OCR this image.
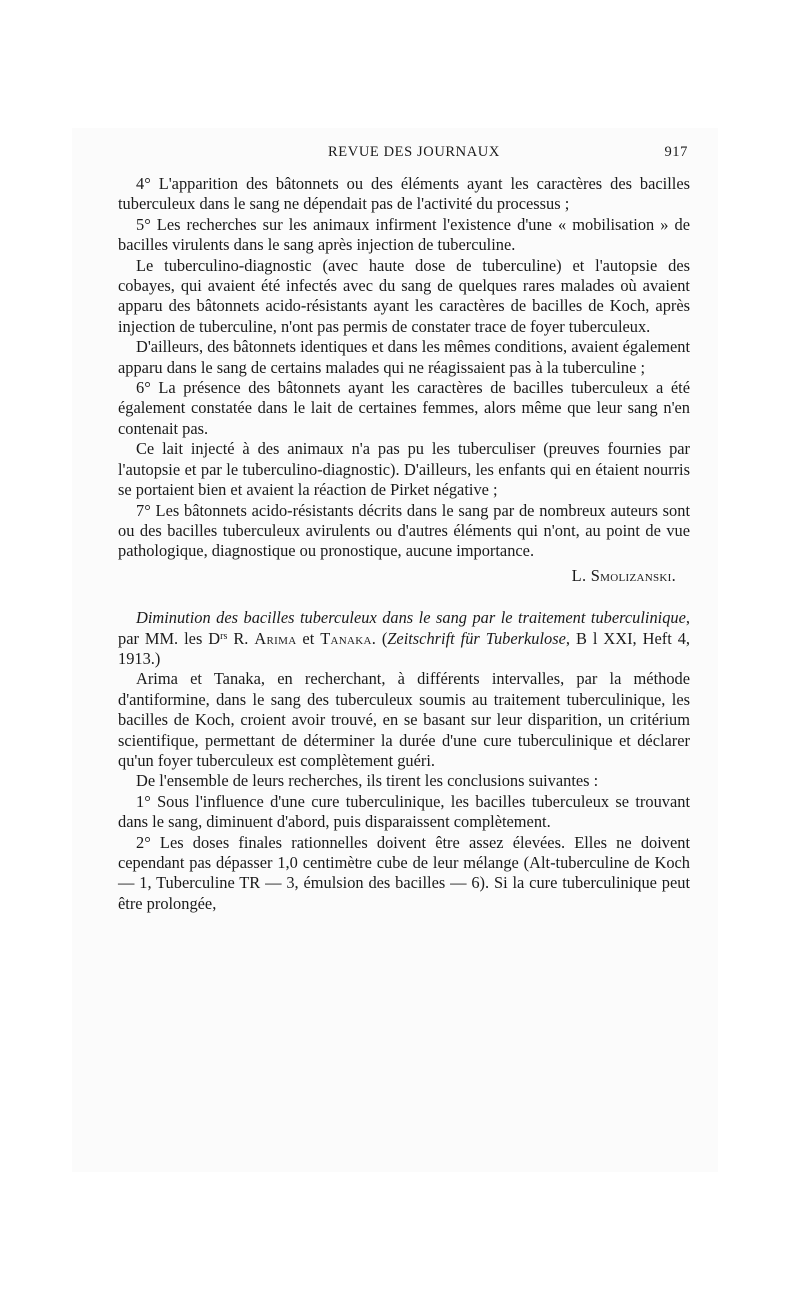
REVUE DES JOURNAUX	917

4° L'apparition des bâtonnets ou des éléments ayant les caractères des bacilles tuberculeux dans le sang ne dépendait pas de l'activité du processus ;

5° Les recherches sur les animaux infirment l'existence d'une « mobilisation » de bacilles virulents dans le sang après injection de tuberculine.

Le tuberculino-diagnostic (avec haute dose de tuberculine) et l'autopsie des cobayes, qui avaient été infectés avec du sang de quelques rares malades où avaient apparu des bâtonnets acido-résistants ayant les caractères de bacilles de Koch, après injection de tuberculine, n'ont pas permis de constater trace de foyer tuberculeux.

D'ailleurs, des bâtonnets identiques et dans les mêmes conditions, avaient également apparu dans le sang de certains malades qui ne réagissaient pas à la tuberculine ;

6° La présence des bâtonnets ayant les caractères de bacilles tuberculeux a été également constatée dans le lait de certaines femmes, alors même que leur sang n'en contenait pas.

Ce lait injecté à des animaux n'a pas pu les tuberculiser (preuves fournies par l'autopsie et par le tuberculino-diagnostic). D'ailleurs, les enfants qui en étaient nourris se portaient bien et avaient la réaction de Pirket négative ;

7° Les bâtonnets acido-résistants décrits dans le sang par de nombreux auteurs sont ou des bacilles tuberculeux avirulents ou d'autres éléments qui n'ont, au point de vue pathologique, diagnostique ou pronostique, aucune importance.

L. Smolizanski.

Diminution des bacilles tuberculeux dans le sang par le traitement tuberculinique, par MM. les $D^{rs}$ R. Arima et Tanaka. (Zeitschrift für Tuberkulose, B l XXI, Heft 4, 1913.)

Arima et Tanaka, en recherchant, à différents intervalles, par la méthode d'antiformine, dans le sang des tuberculeux soumis au traitement tuberculinique, les bacilles de Koch, croient avoir trouvé, en se basant sur leur disparition, un critérium scientifique, permettant de déterminer la durée d'une cure tuberculinique et déclarer qu'un foyer tuberculeux est complètement guéri.

De l'ensemble de leurs recherches, ils tirent les conclusions suivantes :

1° Sous l'influence d'une cure tuberculinique, les bacilles tuberculeux se trouvant dans le sang, diminuent d'abord, puis disparaissent complètement.

2° Les doses finales rationnelles doivent être assez élevées. Elles ne doivent cependant pas dépasser 1,0 centimètre cube de leur mélange (Alt-tuberculine de Koch — 1, Tuberculine TR — 3, émulsion des bacilles — 6). Si la cure tuberculinique peut être prolongée,
